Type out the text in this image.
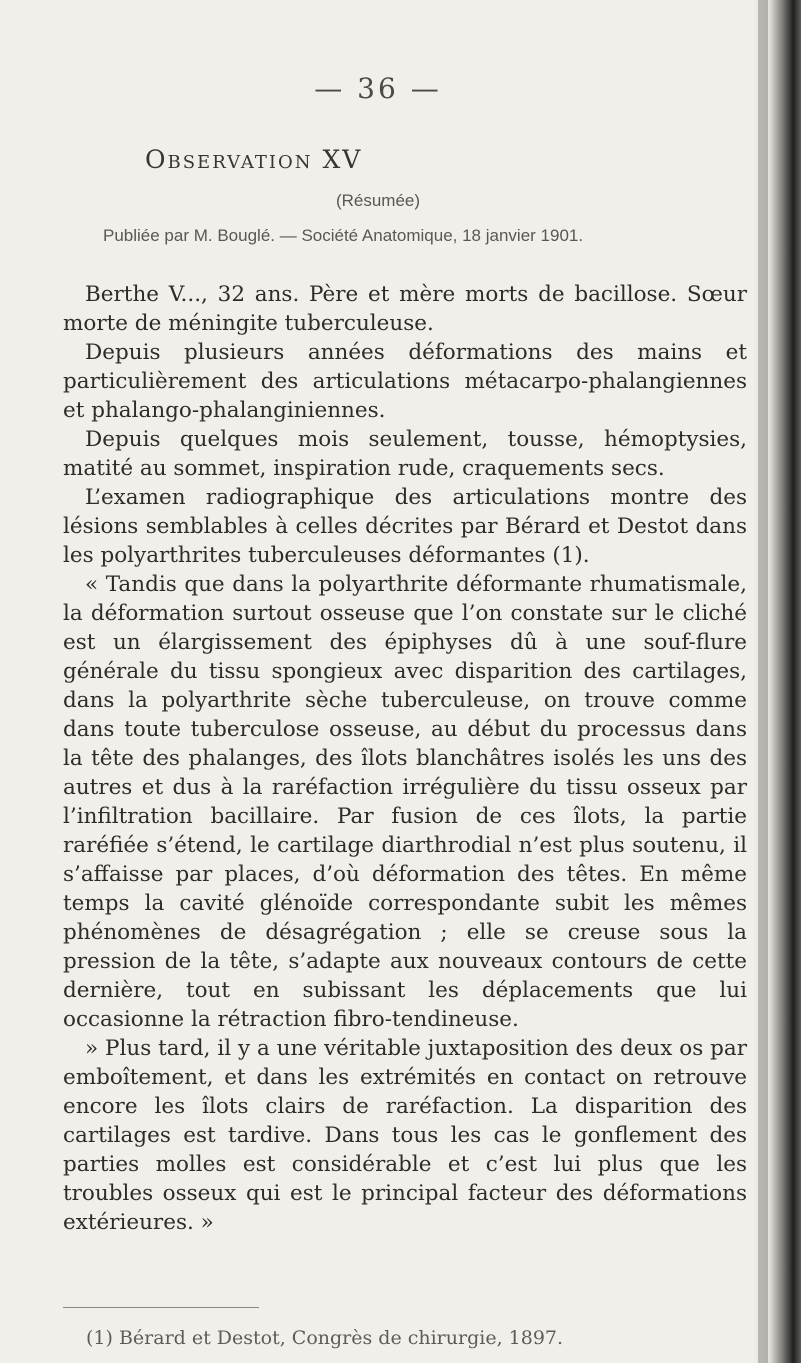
— 36 —
Observation XV
(Résumée)
Publiée par M. Bouglé. — Société Anatomique, 18 janvier 1901.

Berthe V..., 32 ans. Père et mère morts de bacillose. Sœur morte de méningite tuberculeuse.

Depuis plusieurs années déformations des mains et particulièrement des articulations métacarpo-phalangiennes et phalango-phalanginiennes.

Depuis quelques mois seulement, tousse, hémoptysies, matité au sommet, inspiration rude, craquements secs.

L’examen radiographique des articulations montre des lésions semblables à celles décrites par Bérard et Destot dans les polyarthrites tuberculeuses déformantes (1).

« Tandis que dans la polyarthrite déformante rhumatismale, la déformation surtout osseuse que l’on constate sur le cliché est un élargissement des épiphyses dû à une souf-flure générale du tissu spongieux avec disparition des cartilages, dans la polyarthrite sèche tuberculeuse, on trouve comme dans toute tuberculose osseuse, au début du processus dans la tête des phalanges, des îlots blanchâtres isolés les uns des autres et dus à la raréfaction irrégulière du tissu osseux par l’infiltration bacillaire. Par fusion de ces îlots, la partie raréfiée s’étend, le cartilage diarthrodial n’est plus soutenu, il s’affaisse par places, d’où déformation des têtes. En même temps la cavité glénoïde correspondante subit les mêmes phénomènes de désagrégation ; elle se creuse sous la pression de la tête, s’adapte aux nouveaux contours de cette dernière, tout en subissant les déplacements que lui occasionne la rétraction fibro-tendineuse.

» Plus tard, il y a une véritable juxtaposition des deux os par emboîtement, et dans les extrémités en contact on retrouve encore les îlots clairs de raréfaction. La disparition des cartilages est tardive. Dans tous les cas le gonflement des parties molles est considérable et c’est lui plus que les troubles osseux qui est le principal facteur des déformations extérieures. »

(1) Bérard et Destot, Congrès de chirurgie, 1897.
